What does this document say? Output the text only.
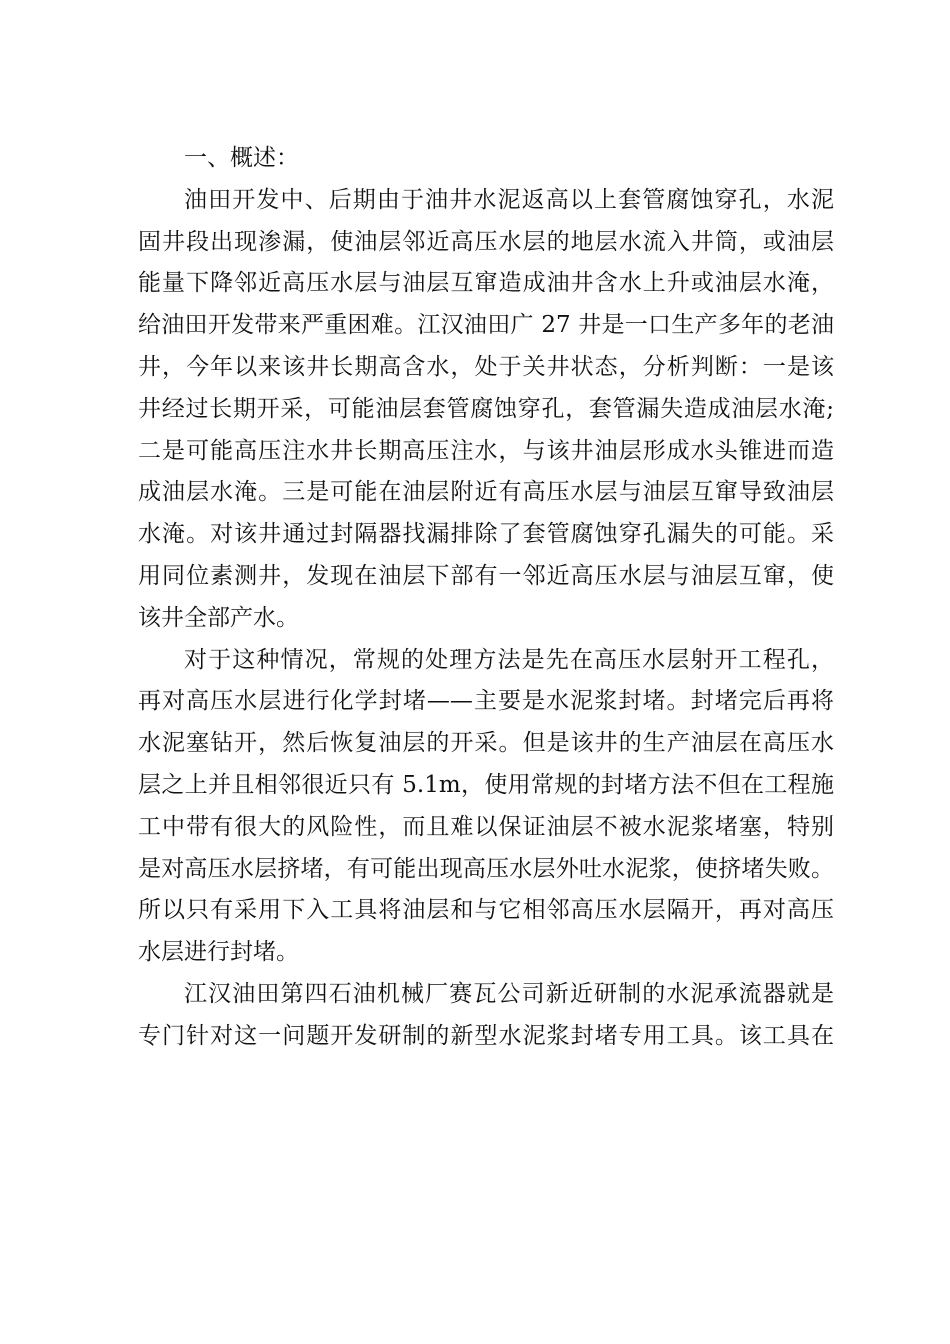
一、概述：
油田开发中、后期由于油井水泥返高以上套管腐蚀穿孔，水泥
固井段出现渗漏，使油层邻近高压水层的地层水流入井筒，或油层
能量下降邻近高压水层与油层互窜造成油井含水上升或油层水淹，
给油田开发带来严重困难。江汉油田广 27 井是一口生产多年的老油
井，今年以来该井长期高含水，处于关井状态，分析判断：一是该
井经过长期开采，可能油层套管腐蚀穿孔，套管漏失造成油层水淹;
二是可能高压注水井长期高压注水，与该井油层形成水头锥进而造
成油层水淹。三是可能在油层附近有高压水层与油层互窜导致油层
水淹。对该井通过封隔器找漏排除了套管腐蚀穿孔漏失的可能。采
用同位素测井，发现在油层下部有一邻近高压水层与油层互窜，使
该井全部产水。
对于这种情况，常规的处理方法是先在高压水层射开工程孔，
再对高压水层进行化学封堵——主要是水泥浆封堵。封堵完后再将
水泥塞钻开，然后恢复油层的开采。但是该井的生产油层在高压水
层之上并且相邻很近只有 5.1m，使用常规的封堵方法不但在工程施
工中带有很大的风险性，而且难以保证油层不被水泥浆堵塞，特别
是对高压水层挤堵，有可能出现高压水层外吐水泥浆，使挤堵失败。
所以只有采用下入工具将油层和与它相邻高压水层隔开，再对高压
水层进行封堵。
江汉油田第四石油机械厂赛瓦公司新近研制的水泥承流器就是
专门针对这一问题开发研制的新型水泥浆封堵专用工具。该工具在
